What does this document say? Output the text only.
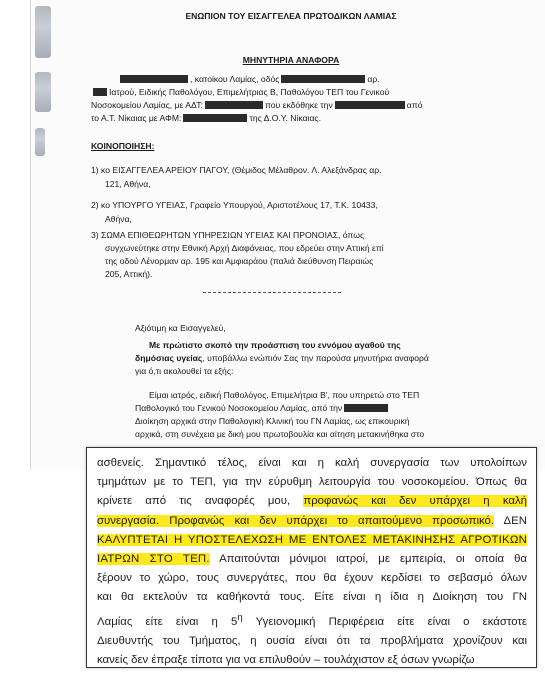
ΕΝΩΠΙΟΝ ΤΟΥ ΕΙΣΑΓΓΕΛΕΑ ΠΡΩΤΟΔΙΚΩΝ ΛΑΜΙΑΣ
ΜΗΝΥΤΗΡΙΑ ΑΝΑΦΟΡΑ
, κατοίκου Λαμίας, οδός	αρ.
Ιατρού, Ειδικής Παθολόγου, Επιμελήτριας Β, Παθολόγου ΤΕΠ του Γενικού
Νοσοκομείου Λαμίας, με ΑΔΤ:	που εκδόθηκε την	από
το Α.Τ. Νίκαιας με ΑΦΜ:	της Δ.Ο.Υ. Νίκαιας.
ΚΟΙΝΟΠΟΙΗΣΗ:
1) κο ΕΙΣΑΓΓΕΛΕΑ ΑΡΕΙΟΥ ΠΑΓΟΥ, (Θέμιδος Μέλαθρον. Λ. Αλεξάνδρας αρ.
121, Αθήνα,
2) κο ΥΠΟΥΡΓΟ ΥΓΕΙΑΣ, Γραφείο Υπουργού, Αριστοτέλους 17, Τ.Κ. 10433,
Αθήνα,
3) ΣΩΜΑ ΕΠΙΘΕΩΡΗΤΩΝ ΥΠΗΡΕΣΙΩΝ ΥΓΕΙΑΣ ΚΑΙ ΠΡΟΝΟΙΑΣ, όπως
συγχωνεύτηκε στην Εθνική Αρχή Διαφάνειας, που εδρεύει στην Αττική επί
της οδού Λένορμαν αρ. 195 και Αμφιαράου (παλιά διεύθυνση Πειραιώς
205, Αττική).
Αξιότιμη κα Εισαγγελεύ,
Με πρώτιστο σκοπό την προάσπιση του εννόμου αγαθού της
δημόσιας υγείας, υποβάλλω ενώπιόν Σας την παρούσα μηνυτήρια αναφορά
για ό,τι ακολουθεί τα εξής:
Είμαι ιατρός, ειδική Παθολόγος, Επιμελήτρια Β', που υπηρετώ στο ΤΕΠ
Παθολογικό του Γενικού Νοσοκομείου Λαμίας, από την
Διοίκηση αρχικά στην Παθολογική Κλινική του ΓΝ Λαμίας, ως επικουρική
αρχικά, στη συνέχεια με δική μου πρωτοβουλία και αίτηση μετακινήθηκα στο
ασθενείς. Σημαντικό τέλος, είναι και η καλή συνεργασία των υπολοίπων
τμημάτων με το ΤΕΠ, για την εύρυθμη λειτουργία του νοσοκομείου. Όπως θα
κρίνετε από τις αναφορές μου, προφανώς και δεν υπάρχει η καλή
συνεργασία. Προφανώς και δεν υπάρχει το απαιτούμενο προσωπικό. ΔΕΝ
ΚΑΛΥΠΤΕΤΑΙ Η ΥΠΟΣΤΕΛΕΧΩΣΗ ΜΕ ΕΝΤΟΛΕΣ ΜΕΤΑΚΙΝΗΣΗΣ ΑΓΡΟΤΙΚΩΝ
ΙΑΤΡΩΝ ΣΤΟ ΤΕΠ. Απαιτούνται μόνιμοι ιατροί, με εμπειρία, οι οποία θα
ξέρουν το χώρο, τους συνεργάτες, που θα έχουν κερδίσει το σεβασμό όλων
και θα εκτελούν τα καθήκοντά τους. Είτε είναι η ίδια η Διοίκηση του ΓΝ
Λαμίας είτε είναι η $5^\eta$ Υγειονομική Περιφέρεια είτε είναι ο εκάστοτε
Διευθυντής του Τμήματος, η ουσία είναι ότι τα προβλήματα χρονίζουν και
κανείς δεν έπραξε τίποτα για να επιλυθούν – τουλάχιστον εξ όσων γνωρίζω
